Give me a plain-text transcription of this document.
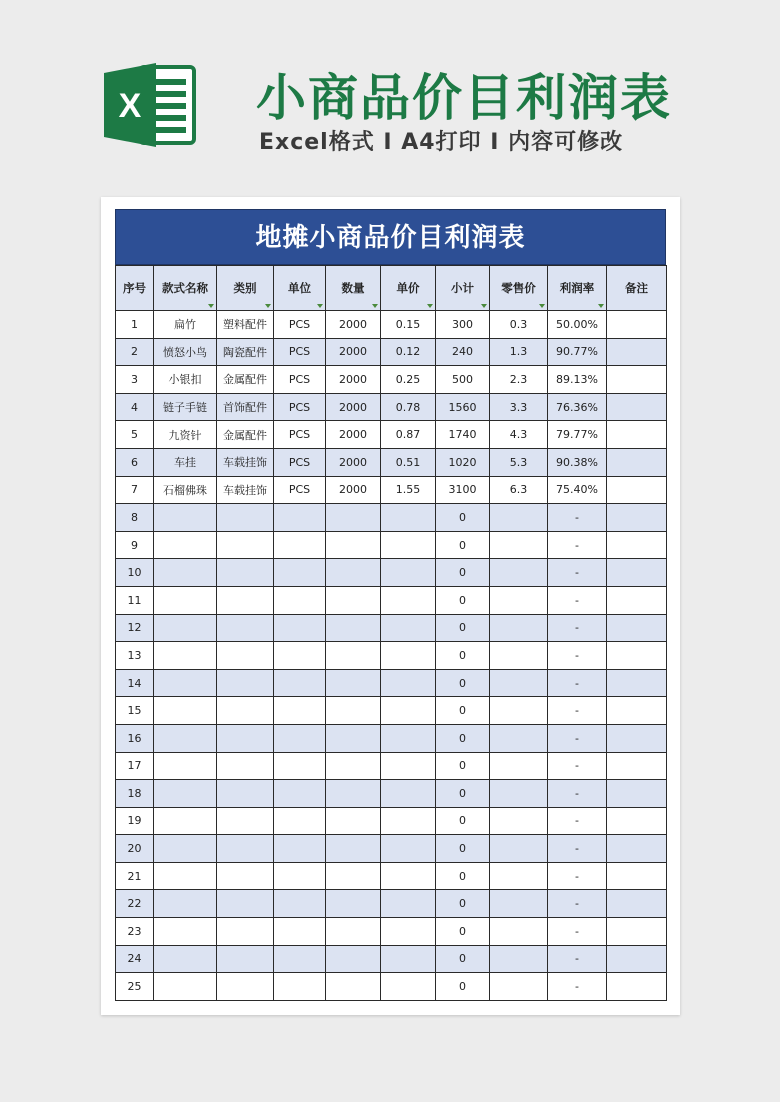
X 小商品价目利润表
Excel格式 I A4打印 I 内容可修改
地摊小商品价目利润表
序号	款式名称	类别	单位	数量	单价	小计	零售价	利润率	备注
1	扁竹	塑料配件	PCS	2000	0.15	300	0.3	50.00%	
2	愤怒小鸟	陶瓷配件	PCS	2000	0.12	240	1.3	90.77%	
3	小银扣	金属配件	PCS	2000	0.25	500	2.3	89.13%	
4	链子手链	首饰配件	PCS	2000	0.78	1560	3.3	76.36%	
5	九资针	金属配件	PCS	2000	0.87	1740	4.3	79.77%	
6	车挂	车载挂饰	PCS	2000	0.51	1020	5.3	90.38%	
7	石榴佛珠	车载挂饰	PCS	2000	1.55	3100	6.3	75.40%	
8						0		-	
9						0		-	
10						0		-	
11						0		-	
12						0		-	
13						0		-	
14						0		-	
15						0		-	
16						0		-	
17						0		-	
18						0		-	
19						0		-	
20						0		-	
21						0		-	
22						0		-	
23						0		-	
24						0		-	
25						0		-	
